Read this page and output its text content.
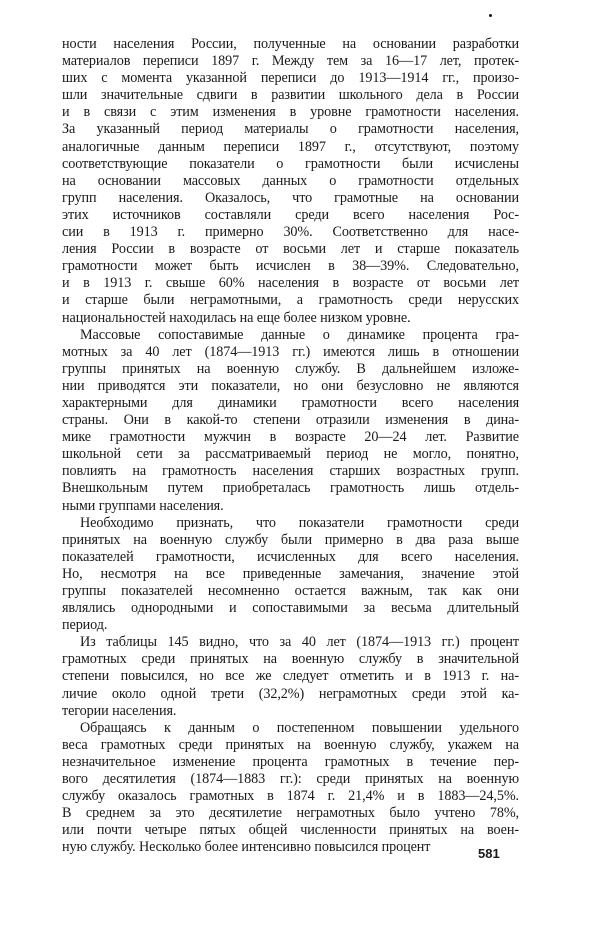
ности населения России, полученные на основании разработки
материалов переписи 1897 г. Между тем за 16—17 лет, протек-
ших с момента указанной переписи до 1913—1914 гг., произо-
шли значительные сдвиги в развитии школьного дела в России
и в связи с этим изменения в уровне грамотности населения.
За указанный период материалы о грамотности населения,
аналогичные данным переписи 1897 г., отсутствуют, поэтому
соответствующие показатели о грамотности были исчислены
на основании массовых данных о грамотности отдельных
групп населения. Оказалось, что грамотные на основании
этих источников составляли среди всего населения Рос-
сии в 1913 г. примерно 30%. Соответственно для насе-
ления России в возрасте от восьми лет и старше показатель
грамотности может быть исчислен в 38—39%. Следовательно,
и в 1913 г. свыше 60% населения в возрасте от восьми лет
и старше были неграмотными, а грамотность среди нерусских
национальностей находилась на еще более низком уровне.

Массовые сопоставимые данные о динамике процента гра-
мотных за 40 лет (1874—1913 гг.) имеются лишь в отношении
группы принятых на военную службу. В дальнейшем изложе-
нии приводятся эти показатели, но они безусловно не являются
характерными для динамики грамотности всего населения
страны. Они в какой-то степени отразили изменения в дина-
мике грамотности мужчин в возрасте 20—24 лет. Развитие
школьной сети за рассматриваемый период не могло, понятно,
повлиять на грамотность населения старших возрастных групп.
Внешкольным путем приобреталась грамотность лишь отдель-
ными группами населения.

Необходимо признать, что показатели грамотности среди
принятых на военную службу были примерно в два раза выше
показателей грамотности, исчисленных для всего населения.
Но, несмотря на все приведенные замечания, значение этой
группы показателей несомненно остается важным, так как они
являлись однородными и сопоставимыми за весьма длительный
период.

Из таблицы 145 видно, что за 40 лет (1874—1913 гг.) процент
грамотных среди принятых на военную службу в значительной
степени повысился, но все же следует отметить и в 1913 г. на-
личие около одной трети (32,2%) неграмотных среди этой ка-
тегории населения.

Обращаясь к данным о постепенном повышении удельного
веса грамотных среди принятых на военную службу, укажем на
незначительное изменение процента грамотных в течение пер-
вого десятилетия (1874—1883 гг.): среди принятых на военную
службу оказалось грамотных в 1874 г. 21,4% и в 1883—24,5%.
В среднем за это десятилетие неграмотных было учтено 78%,
или почти четыре пятых общей численности принятых на воен-
ную службу. Несколько более интенсивно повысился процент	581
